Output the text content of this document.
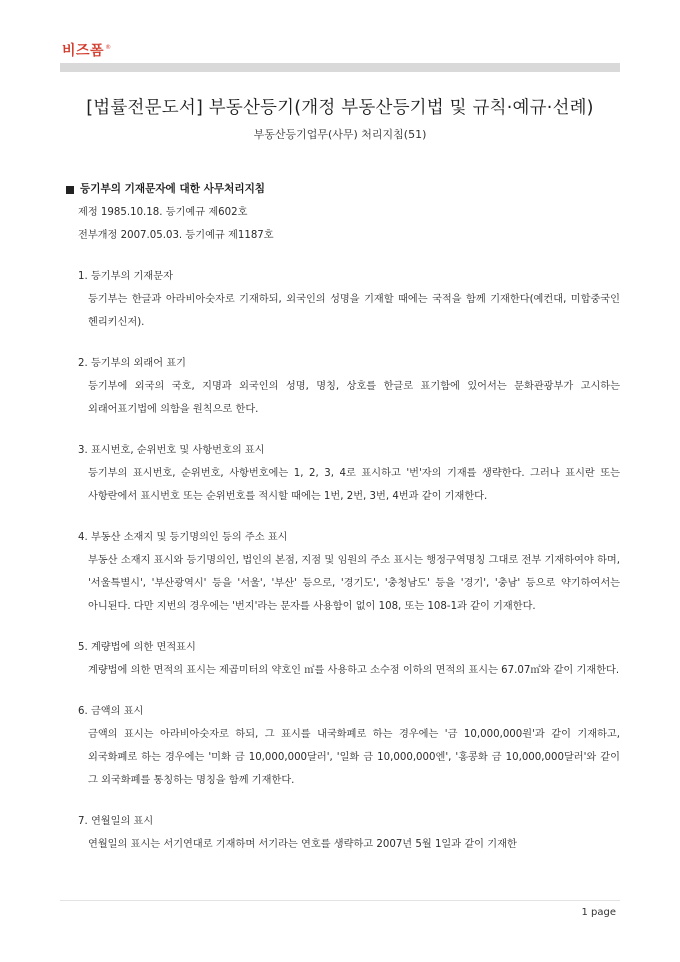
비즈폼®
[법률전문도서] 부동산등기(개정 부동산등기법 및 규칙·예규·선례)
부동산등기업무(사무) 처리지침(51)
등기부의 기재문자에 대한 사무처리지침
제정 1985.10.18. 등기예규 제602호
전부개정 2007.05.03. 등기예규 제1187호
1. 등기부의 기재문자
등기부는 한글과 아라비아숫자로 기재하되, 외국인의 성명을 기재할 때에는 국적을 함께 기재한다(예컨대, 미합중국인 헨리키신저).
2. 등기부의 외래어 표기
등기부에 외국의 국호, 지명과 외국인의 성명, 명칭, 상호를 한글로 표기함에 있어서는 문화관광부가 고시하는 외래어표기법에 의함을 원칙으로 한다.
3. 표시번호, 순위번호 및 사항번호의 표시
등기부의 표시번호, 순위번호, 사항번호에는 1, 2, 3, 4로 표시하고 '번'자의 기재를 생략한다. 그러나 표시란 또는 사항란에서 표시번호 또는 순위번호를 적시할 때에는 1번, 2번, 3번, 4번과 같이 기재한다.
4. 부동산 소재지 및 등기명의인 등의 주소 표시
부동산 소재지 표시와 등기명의인, 법인의 본점, 지점 및 임원의 주소 표시는 행정구역명칭 그대로 전부 기재하여야 하며, '서울특별시', '부산광역시' 등을 '서울', '부산' 등으로, '경기도', '충청남도' 등을 '경기', '충남' 등으로 약기하여서는 아니된다. 다만 지번의 경우에는 '번지'라는 문자를 사용함이 없이 108, 또는 108-1과 같이 기재한다.
5. 계량법에 의한 면적표시
계량법에 의한 면적의 표시는 제곱미터의 약호인 ㎡를 사용하고 소수점 이하의 면적의 표시는 67.07㎡와 같이 기재한다.
6. 금액의 표시
금액의 표시는 아라비아숫자로 하되, 그 표시를 내국화폐로 하는 경우에는 '금 10,000,000원'과 같이 기재하고, 외국화폐로 하는 경우에는 '미화 금 10,000,000달러', '일화 금 10,000,000엔', '홍콩화 금 10,000,000달러'와 같이 그 외국화폐를 통칭하는 명칭을 함께 기재한다.
7. 연월일의 표시
연월일의 표시는 서기연대로 기재하며 서기라는 연호를 생략하고 2007년 5월 1일과 같이 기재한
1 page
